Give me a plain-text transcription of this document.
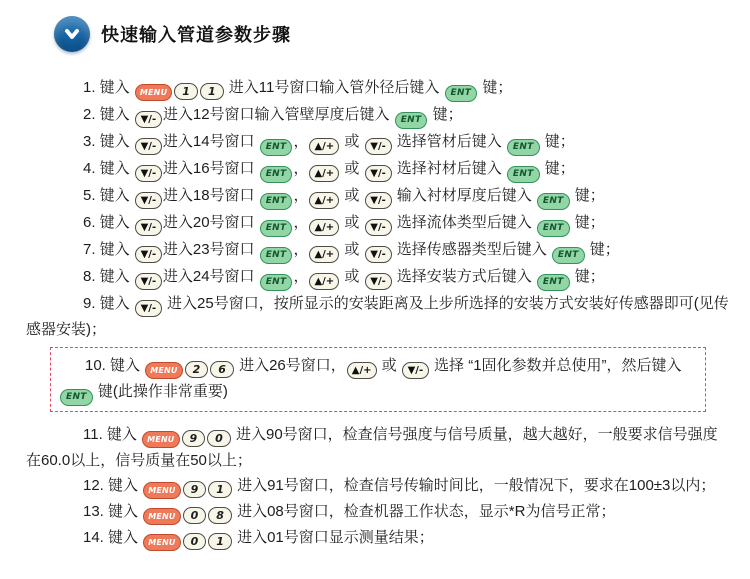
快速输入管道参数步骤

1. 键入 MENU 1 1 进入11号窗口输入管外径后键入 ENT 键；

2. 键入 ▼/- 进入12号窗口输入管壁厚度后键入 ENT 键；

3. 键入 ▼/- 进入14号窗口 ENT ， ▲/+ 或 ▼/- 选择管材后键入 ENT 键；

4. 键入 ▼/- 进入16号窗口 ENT ， ▲/+ 或 ▼/- 选择衬材后键入 ENT 键；

5. 键入 ▼/- 进入18号窗口 ENT ， ▲/+ 或 ▼/- 输入衬材厚度后键入 ENT 键；

6. 键入 ▼/- 进入20号窗口 ENT ， ▲/+ 或 ▼/- 选择流体类型后键入 ENT 键；

7. 键入 ▼/- 进入23号窗口 ENT ， ▲/+ 或 ▼/- 选择传感器类型后键入 ENT 键；

8. 键入 ▼/- 进入24号窗口 ENT ， ▲/+ 或 ▼/- 选择安装方式后键入 ENT 键；

9. 键入 ▼/- 进入25号窗口，按所显示的安装距离及上步所选择的安装方式安装好传感器即可(见传感器安装)；

10. 键入 MENU 2 6 进入26号窗口， ▲/+ 或 ▼/- 选择 “1固化参数并总使用”，然后键入 ENT 键(此操作非常重要)

11. 键入 MENU 9 0 进入90号窗口，检查信号强度与信号质量，越大越好，一般要求信号强度在60.0以上，信号质量在50以上；

12. 键入 MENU 9 1 进入91号窗口，检查信号传输时间比，一般情况下，要求在100±3以内；

13. 键入 MENU 0 8 进入08号窗口，检查机器工作状态，显示*R为信号正常；

14. 键入 MENU 0 1 进入01号窗口显示测量结果；
